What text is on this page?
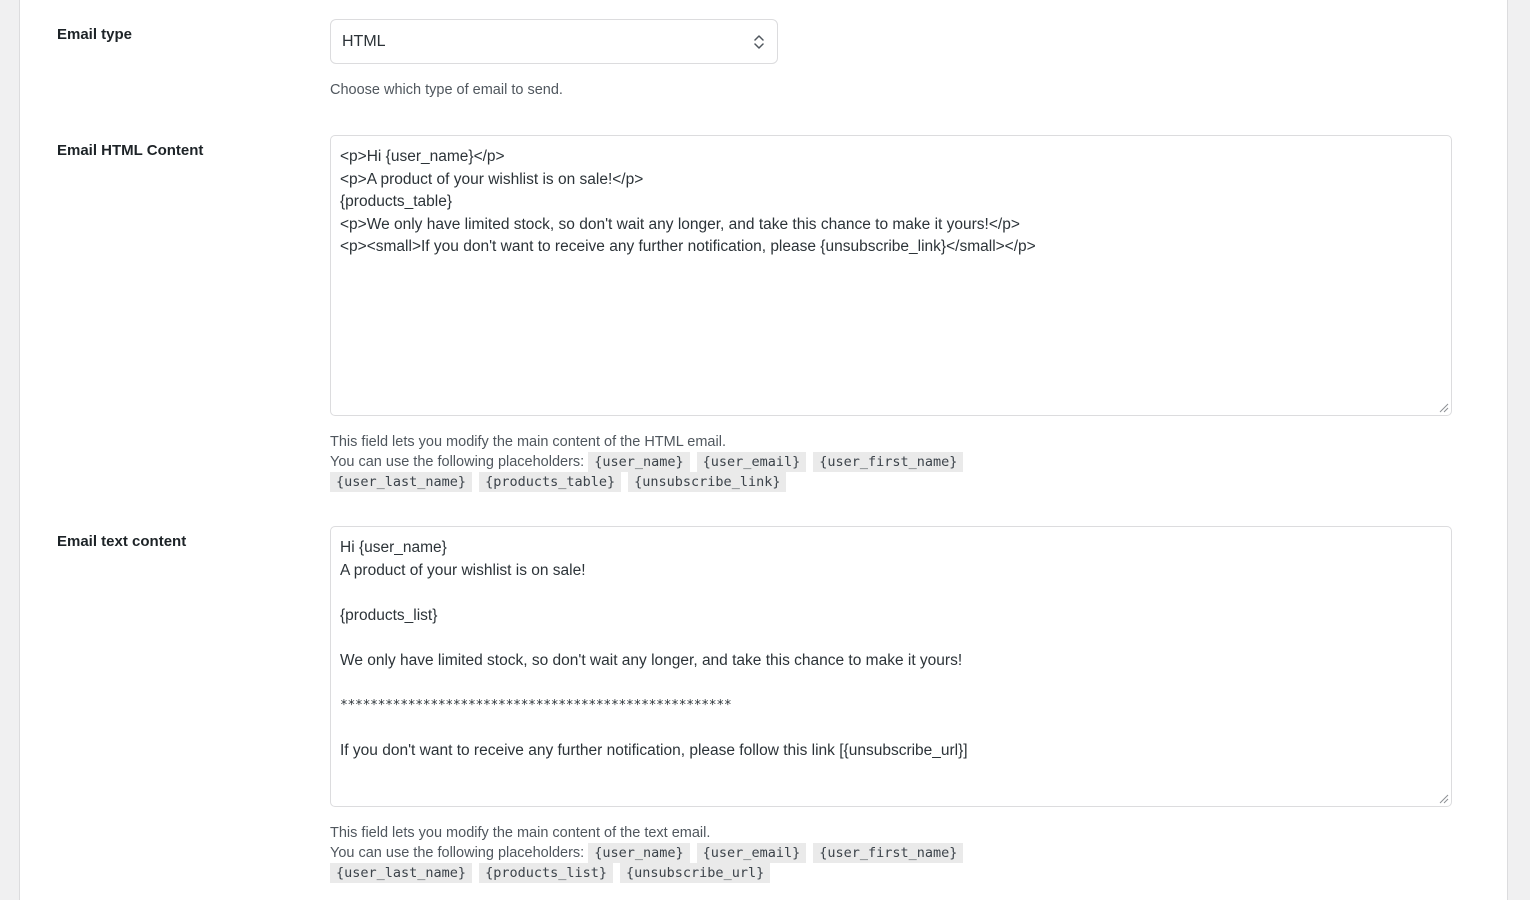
Email type	HTML
Choose which type of email to send.
Email HTML Content	<p>Hi {user_name}</p>
<p>A product of your wishlist is on sale!</p>
{products_table}
<p>We only have limited stock, so don't wait any longer, and take this chance to make it yours!</p>
<p><small>If you don't want to receive any further notification, please {unsubscribe_link}</small></p>
This field lets you modify the main content of the HTML email.
You can use the following placeholders: {user_name} {user_email} {user_first_name}
{user_last_name} {products_table} {unsubscribe_link}
Email text content	Hi {user_name}
A product of your wishlist is on sale!
{products_list}
We only have limited stock, so don't wait any longer, and take this chance to make it yours!
****************************************************
If you don't want to receive any further notification, please follow this link [{unsubscribe_url}]
This field lets you modify the main content of the text email.
You can use the following placeholders: {user_name} {user_email} {user_first_name}
{user_last_name} {products_list} {unsubscribe_url}
